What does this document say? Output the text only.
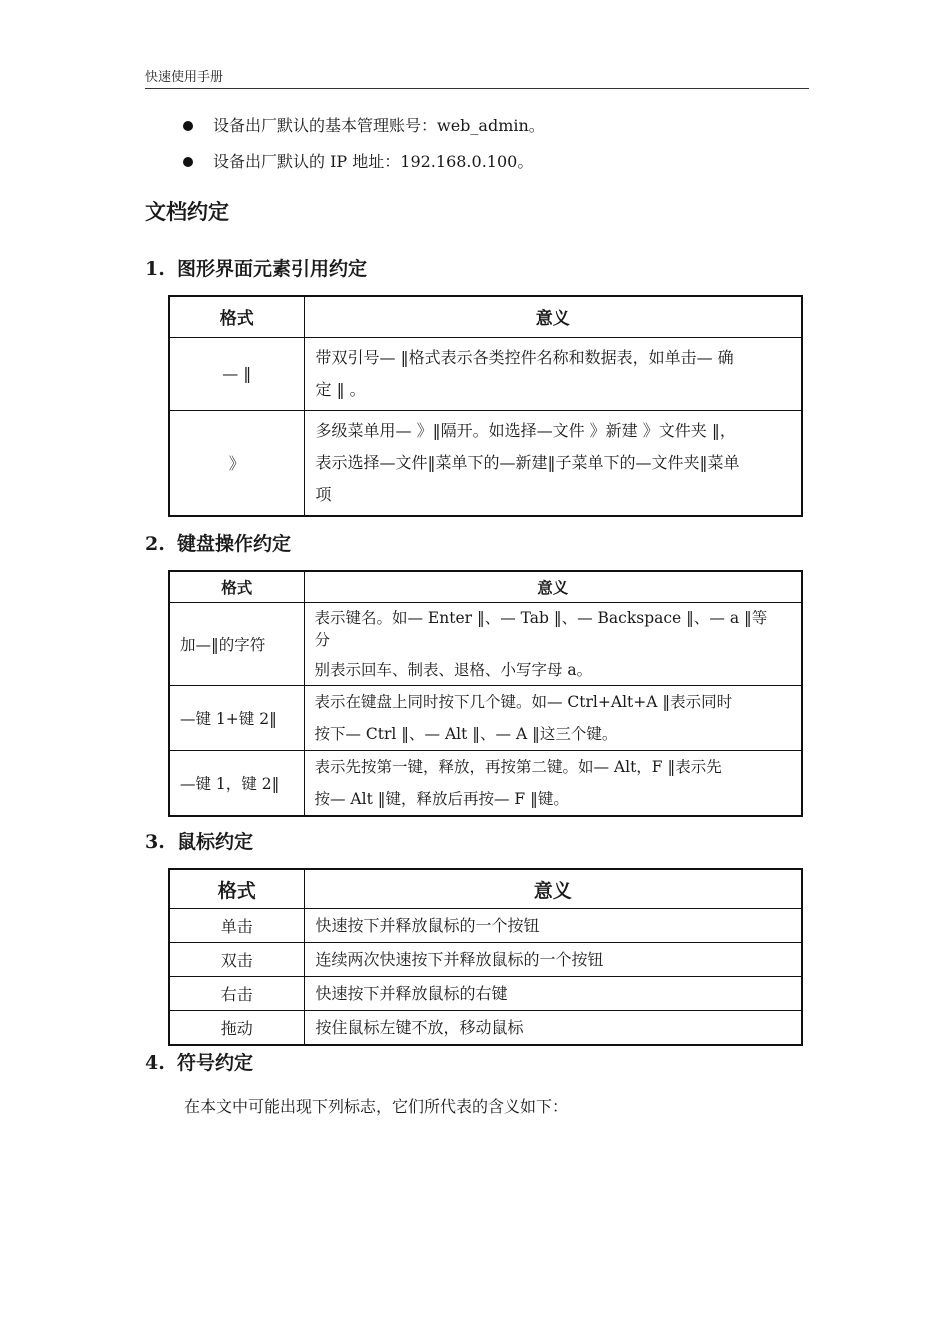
快速使用手册
设备出厂默认的基本管理账号：web_admin。
设备出厂默认的 IP 地址：192.168.0.100。
文档约定
1. 图形界面元素引用约定
格式	意义
— ‖	带双引号— ‖格式表示各类控件名称和数据表，如单击— 确
定 ‖ 。

》	多级菜单用— 》‖隔开。如选择—文件 》新建 》文件夹 ‖，
表示选择—文件‖菜单下的—新建‖子菜单下的—文件夹‖菜单
项
2. 键盘操作约定
格式	意义
加—‖的字符	表示键名。如— Enter ‖、— Tab ‖、— Backspace ‖、— a ‖等
分
别表示回车、制表、退格、小写字母 a。

—键 1+键 2‖	表示在键盘上同时按下几个键。如— Ctrl+Alt+A ‖表示同时
按下— Ctrl ‖、— Alt ‖、— A ‖这三个键。

—键 1，键 2‖	表示先按第一键，释放，再按第二键。如— Alt，F ‖表示先
按— Alt ‖键，释放后再按— F ‖键。
3. 鼠标约定
格式	意义
单击	快速按下并释放鼠标的一个按钮
双击	连续两次快速按下并释放鼠标的一个按钮
右击	快速按下并释放鼠标的右键
拖动	按住鼠标左键不放，移动鼠标
4. 符号约定
在本文中可能出现下列标志，它们所代表的含义如下：
